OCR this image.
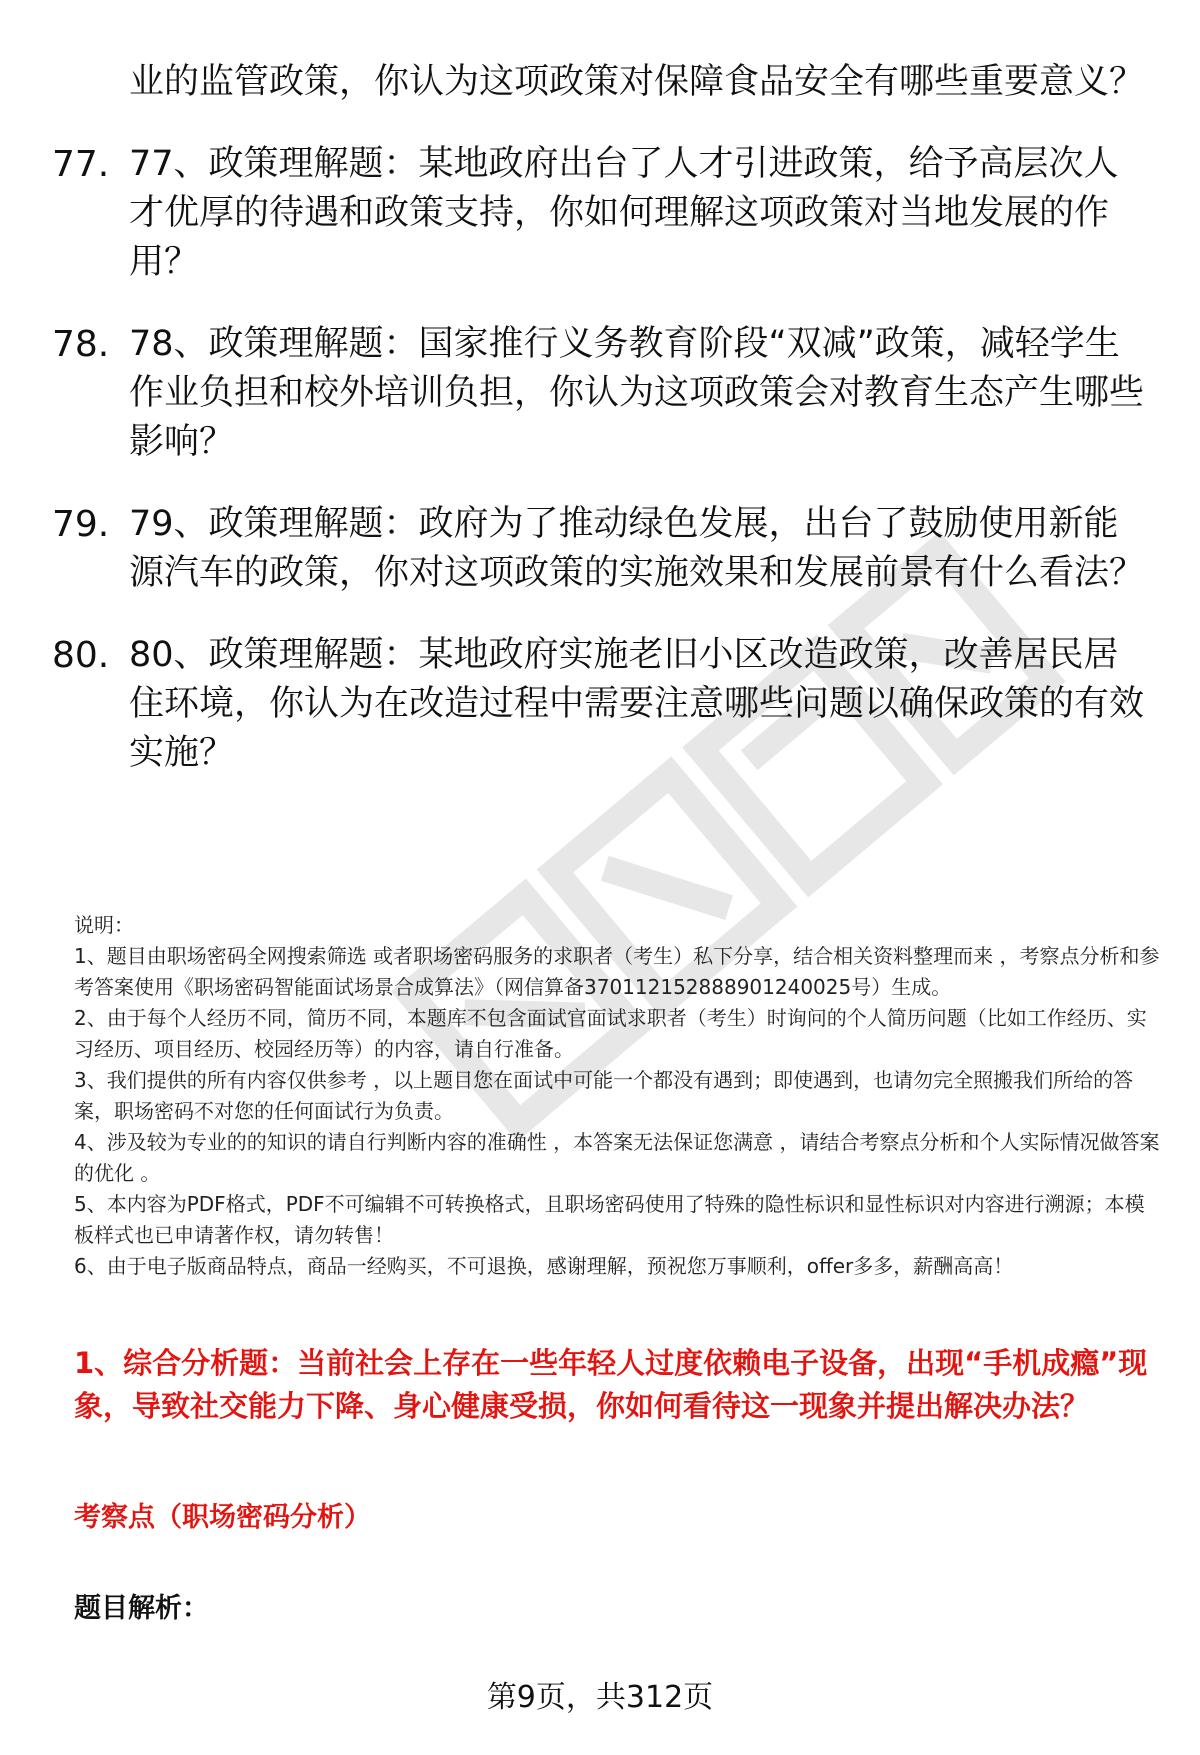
业的监管政策，你认为这项政策对保障食品安全有哪些重要意义？
77. 77、政策理解题：某地政府出台了人才引进政策，给予高层次人才优厚的待遇和政策支持，你如何理解这项政策对当地发展的作用？
78. 78、政策理解题：国家推行义务教育阶段“双减”政策，减轻学生作业负担和校外培训负担，你认为这项政策会对教育生态产生哪些影响？
79. 79、政策理解题：政府为了推动绿色发展，出台了鼓励使用新能源汽车的政策，你对这项政策的实施效果和发展前景有什么看法？
80. 80、政策理解题：某地政府实施老旧小区改造政策，改善居民居住环境，你认为在改造过程中需要注意哪些问题以确保政策的有效实施？

说明：

1、题目由职场密码全网搜索筛选 或者职场密码服务的求职者（考生）私下分享，结合相关资料整理而来 ，考察点分析和参考答案使用《职场密码智能面试场景合成算法》（网信算备370112152888901240025号）生成。

2、由于每个人经历不同，简历不同，本题库不包含面试官面试求职者（考生）时询问的个人简历问题（比如工作经历、实习经历、项目经历、校园经历等）的内容，请自行准备。

3、我们提供的所有内容仅供参考 ，以上题目您在面试中可能一个都没有遇到；即使遇到，也请勿完全照搬我们所给的答案，职场密码不对您的任何面试行为负责。

4、涉及较为专业的的知识的请自行判断内容的准确性 ，本答案无法保证您满意 ，请结合考察点分析和个人实际情况做答案的优化 。

5、本内容为PDF格式，PDF不可编辑不可转换格式，且职场密码使用了特殊的隐性标识和显性标识对内容进行溯源；本模板样式也已申请著作权，请勿转售！

6、由于电子版商品特点，商品一经购买，不可退换，感谢理解，预祝您万事顺利，offer多多，薪酬高高！

1、综合分析题：当前社会上存在一些年轻人过度依赖电子设备，出现“手机成瘾”现象，导致社交能力下降、身心健康受损，你如何看待这一现象并提出解决办法？
考察点（职场密码分析）
题目解析：
第9页，共312页
